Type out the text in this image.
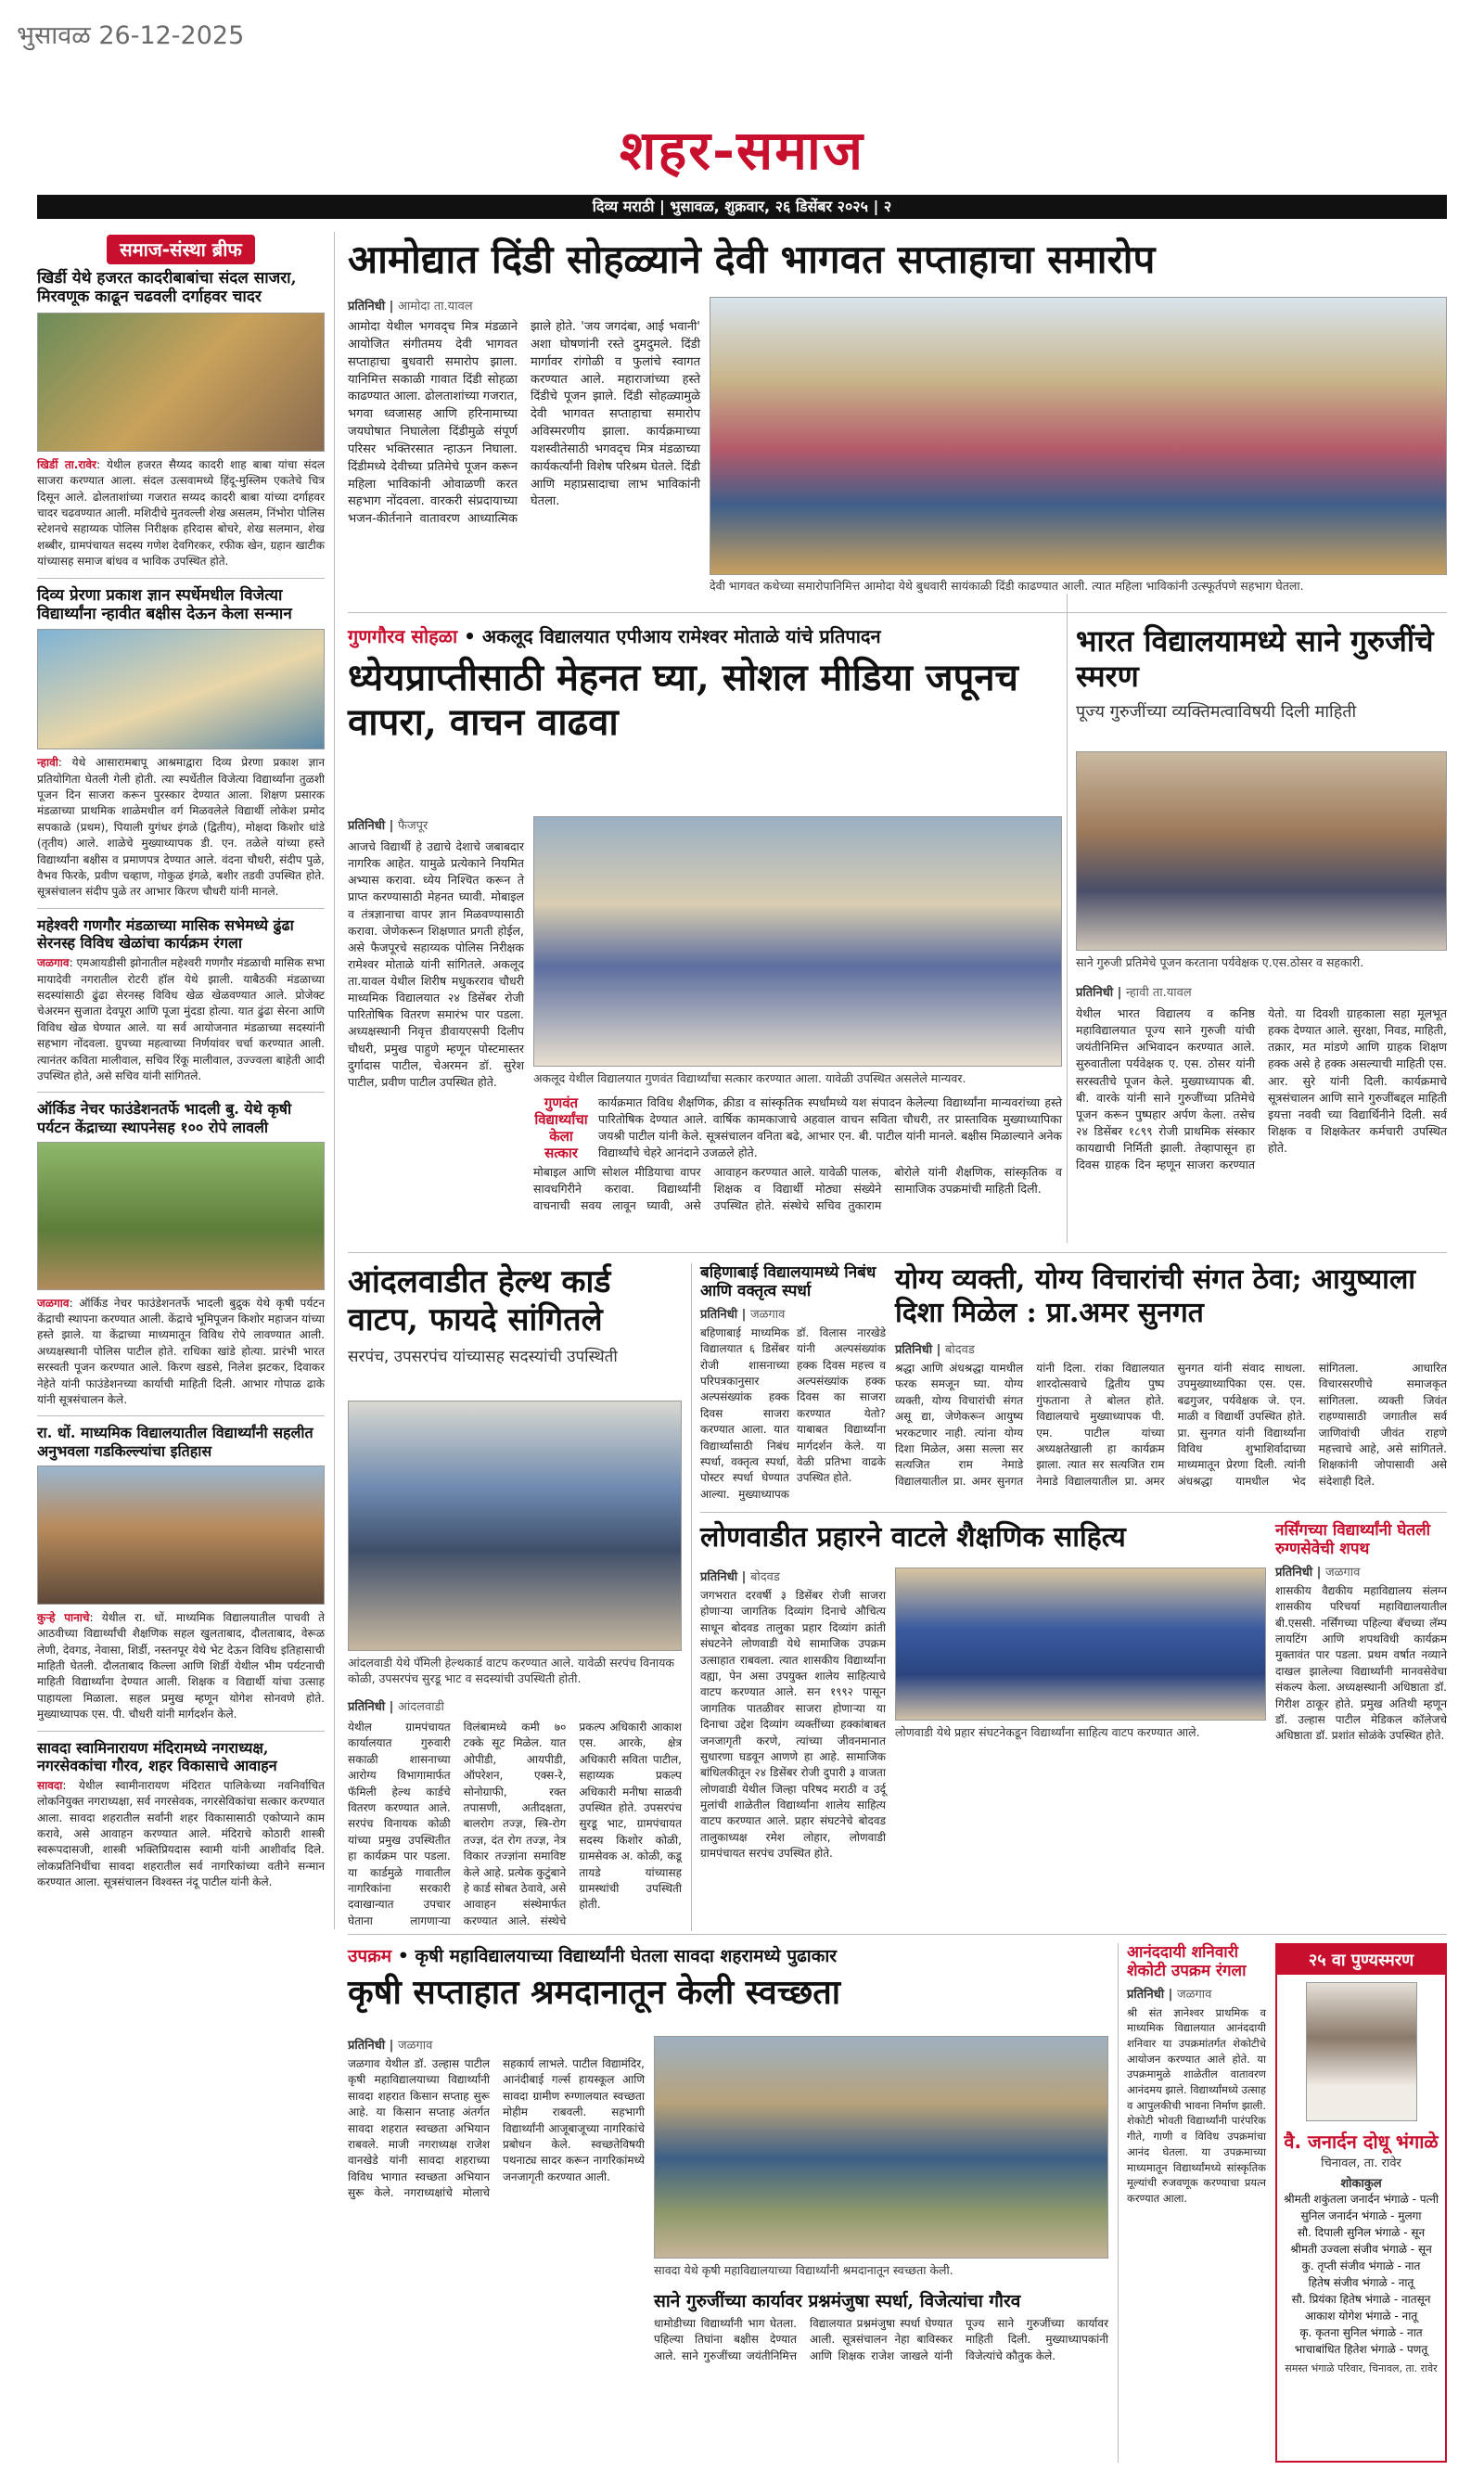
भुसावळ 26-12-2025
शहर-समाज
दिव्य मराठी | भुसावळ, शुक्रवार, २६ डिसेंबर २०२५ | २
समाज-संस्था ब्रीफ
खिर्डी येथे हजरत कादरीबाबांचा संदल साजरा, मिरवणूक काढून चढवली दर्गाहवर चादर
खिर्डी ता.रावेर: येथील हजरत सैय्यद कादरी शाह बाबा यांचा संदल साजरा करण्यात आला. संदल उत्सवामध्ये हिंदू-मुस्लिम एकतेचे चित्र दिसून आले. ढोलताशांच्या गजरात सय्यद कादरी बाबा यांच्या दर्गाहवर चादर चढवण्यात आली. मशिदीचे मुतवल्ली शेख असलम, निंभोरा पोलिस स्टेशनचे सहाय्यक पोलिस निरीक्षक हरिदास बोचरे, शेख सलमान, शेख शब्बीर, ग्रामपंचायत सदस्य गणेश देवगिरकर, रफीक खेन, ग्रहान खाटीक यांच्यासह समाज बांधव व भाविक उपस्थित होते.
दिव्य प्रेरणा प्रकाश ज्ञान स्पर्धेमधील विजेत्या विद्यार्थ्यांना न्हावीत बक्षीस देऊन केला सन्मान
न्हावी: येथे आसारामबापू आश्रमाद्वारा दिव्य प्रेरणा प्रकाश ज्ञान प्रतियोगिता घेतली गेली होती. त्या स्पर्धेतील विजेत्या विद्यार्थ्यांना तुळशी पूजन दिन साजरा करून पुरस्कार देण्यात आला. शिक्षण प्रसारक मंडळाच्या प्राथमिक शाळेमधील वर्ग मिळवलेले विद्यार्थी लोकेश प्रमोद सपकाळे (प्रथम), पियाली युगंधर इंगळे (द्वितीय), मोक्षदा किशोर धांडे (तृतीय) आले. शाळेचे मुख्याध्यापक डी. एन. तळेले यांच्या हस्ते विद्यार्थ्यांना बक्षीस व प्रमाणपत्र देण्यात आले. वंदना चौधरी, संदीप पुळे, वैभव फिरके, प्रवीण चव्हाण, गोकुळ इंगळे, बशीर तडवी उपस्थित होते. सूत्रसंचालन संदीप पुळे तर आभार किरण चौधरी यांनी मानले.
महेश्वरी गणगौर मंडळाच्या मासिक सभेमध्ये ढुंढा सेरनस्ह विविध खेळांचा कार्यक्रम रंगला
जळगाव: एमआयडीसी झोनातील महेश्वरी गणगौर मंडळाची मासिक सभा मायादेवी नगरातील रोटरी हॉल येथे झाली. याबैठकी मंडळाच्या सदस्यांसाठी ढुंढा सेरनस्ह विविध खेळ खेळवण्यात आले. प्रोजेक्ट चेअरमन सुजाता देवपूरा आणि पूजा मुंदडा होत्या. यात ढुंढा सेरना आणि विविध खेळ घेण्यात आले. या सर्व आयोजनात मंडळाच्या सदस्यांनी सहभाग नोंदवला. ग्रुपच्या महत्वाच्या निर्णयांवर चर्चा करण्यात आली. त्यानंतर कविता मालीवाल, सचिव रिंकू मालीवाल, उज्ज्वला बाहेती आदी उपस्थित होते, असे सचिव यांनी सांगितले.
ऑर्किड नेचर फाउंडेशनतर्फे भादली बु. येथे कृषी पर्यटन केंद्राच्या स्थापनेसह १०० रोपे लावली
जळगाव: ऑर्किड नेचर फाउंडेशनतर्फे भादली बुद्रुक येथे कृषी पर्यटन केंद्राची स्थापना करण्यात आली. केंद्राचे भूमिपूजन किशोर महाजन यांच्या हस्ते झाले. या केंद्राच्या माध्यमातून विविध रोपे लावण्यात आली. अध्यक्षस्थानी पोलिस पाटील होते. राधिका खांडे होत्या. प्रारंभी भारत सरस्वती पूजन करण्यात आले. किरण खडसे, निलेश झटकर, दिवाकर नेहेते यांनी फाउंडेशनच्या कार्याची माहिती दिली. आभार गोपाळ ढाके यांनी सूत्रसंचालन केले.
रा. धों. माध्यमिक विद्यालयातील विद्यार्थ्यांनी सहलीत अनुभवला गडकिल्ल्यांचा इतिहास
कुऱ्हे पानाचे: येथील रा. धों. माध्यमिक विद्यालयातील पाचवी ते आठवीच्या विद्यार्थ्यांची शैक्षणिक सहल खुलताबाद, दौलताबाद, वेरूळ लेणी, देवगड, नेवासा, शिर्डी, नस्तनपूर येथे भेट देऊन विविध इतिहासाची माहिती घेतली. दौलताबाद किल्ला आणि शिर्डी येथील भीम पर्यटनाची माहिती विद्यार्थ्यांना देण्यात आली. शिक्षक व विद्यार्थी यांचा उत्साह पाहायला मिळाला. सहल प्रमुख म्हणून योगेश सोनवणे होते. मुख्याध्यापक एस. पी. चौधरी यांनी मार्गदर्शन केले.
सावदा स्वामिनारायण मंदिरामध्ये नगराध्यक्ष, नगरसेवकांचा गौरव, शहर विकासाचे आवाहन
सावदा: येथील स्वामीनारायण मंदिरात पालिकेच्या नवनिर्वाचित लोकनियुक्त नगराध्यक्षा, सर्व नगरसेवक, नगरसेविकांचा सत्कार करण्यात आला. सावदा शहरातील सर्वांनी शहर विकासासाठी एकोप्याने काम करावे, असे आवाहन करण्यात आले. मंदिराचे कोठारी शास्त्री स्वरूपदासजी, शास्त्री भक्तिप्रियदास स्वामी यांनी आशीर्वाद दिले. लोकप्रतिनिधींचा सावदा शहरातील सर्व नागरिकांच्या वतीने सन्मान करण्यात आला. सूत्रसंचालन विश्वस्त नंदू पाटील यांनी केले.
आमोद्यात दिंडी सोहळ्याने देवी भागवत सप्ताहाचा समारोप
प्रतिनिधी | आमोदा ता.यावल
आमोदा येथील भगवद्‌च मित्र मंडळाने आयोजित संगीतमय देवी भागवत सप्ताहाचा बुधवारी समारोप झाला. यानिमित्त सकाळी गावात दिंडी सोहळा काढण्यात आला. ढोलताशांच्या गजरात, भगवा ध्वजासह आणि हरिनामाच्या जयघोषात निघालेला दिंडीमुळे संपूर्ण परिसर भक्तिरसात न्हाऊन निघाला. दिंडीमध्ये देवीच्या प्रतिमेचे पूजन करून महिला भाविकांनी ओवाळणी करत सहभाग नोंदवला. वारकरी संप्रदायाच्या भजन-कीर्तनाने वातावरण आध्यात्मिक झाले होते. 'जय जगदंबा, आई भवानी' अशा घोषणांनी रस्ते दुमदुमले. दिंडी मार्गावर रांगोळी व फुलांचे स्वागत करण्यात आले. महाराजांच्या हस्ते दिंडीचे पूजन झाले. दिंडी सोहळ्यामुळे देवी भागवत सप्ताहाचा समारोप अविस्मरणीय झाला. कार्यक्रमाच्या यशस्वीतेसाठी भगवद्‌च मित्र मंडळाच्या कार्यकर्त्यांनी विशेष परिश्रम घेतले. दिंडी आणि महाप्रसादाचा लाभ भाविकांनी घेतला.
देवी भागवत कथेच्या समारोपानिमित्त आमोदा येथे बुधवारी सायंकाळी दिंडी काढण्यात आली. त्यात महिला भाविकांनी उत्स्फूर्तपणे सहभाग घेतला.
गुणगौरव सोहळा • अकलूद विद्यालयात एपीआय रामेश्वर मोताळे यांचे प्रतिपादन
ध्येयप्राप्तीसाठी मेहनत घ्या, सोशल मीडिया जपूनच वापरा, वाचन वाढवा
प्रतिनिधी | फैजपूर
आजचे विद्यार्थी हे उद्याचे देशाचे जबाबदार नागरिक आहेत. यामुळे प्रत्येकाने नियमित अभ्यास करावा. ध्येय निश्चित करून ते प्राप्त करण्यासाठी मेहनत घ्यावी. मोबाइल व तंत्रज्ञानाचा वापर ज्ञान मिळवण्यासाठी करावा. जेणेकरून शिक्षणात प्रगती होईल, असे फैजपूरचे सहाय्यक पोलिस निरीक्षक रामेश्वर मोताळे यांनी सांगितले. अकलूद ता.यावल येथील शिरीष मधुकरराव चौधरी माध्यमिक विद्यालयात २४ डिसेंबर रोजी पारितोषिक वितरण समारंभ पार पडला. अध्यक्षस्थानी निवृत्त डीवायएसपी दिलीप चौधरी, प्रमुख पाहुणे म्हणून पोस्टमास्तर दुर्गादास पाटील, चेअरमन डॉ. सुरेश पाटील, प्रवीण पाटील उपस्थित होते.	अकलूद येथील विद्यालयात गुणवंत विद्यार्थ्यांचा सत्कार करण्यात आला. यावेळी उपस्थित असलेले मान्यवर.
गुणवंत विद्यार्थ्यांचा केला सत्कार
कार्यक्रमात विविध शैक्षणिक, क्रीडा व सांस्कृतिक स्पर्धांमध्ये यश संपादन केलेल्या विद्यार्थ्यांना मान्यवरांच्या हस्ते पारितोषिक देण्यात आले. वार्षिक कामकाजाचे अहवाल वाचन सविता चौधरी, तर प्रास्ताविक मुख्याध्यापिका जयश्री पाटील यांनी केले. सूत्रसंचालन वनिता बढे, आभार एन. बी. पाटील यांनी मानले. बक्षीस मिळाल्याने अनेक विद्यार्थ्यांचे चेहरे आनंदाने उजळले होते.
मोबाइल आणि सोशल मीडियाचा वापर सावधगिरीने करावा. विद्यार्थ्यांनी वाचनाची सवय लावून घ्यावी, असे आवाहन करण्यात आले. यावेळी पालक, शिक्षक व विद्यार्थी मोठ्या संख्येने उपस्थित होते. संस्थेचे सचिव तुकाराम बोरोले यांनी शैक्षणिक, सांस्कृतिक व सामाजिक उपक्रमांची माहिती दिली.
भारत विद्यालयामध्ये साने गुरुजींचे स्मरण
पूज्य गुरुजींच्या व्यक्तिमत्वाविषयी दिली माहिती
साने गुरुजी प्रतिमेचे पूजन करताना पर्यवेक्षक ए.एस.ठोसर व सहकारी.
प्रतिनिधी | न्हावी ता.यावल
येथील भारत विद्यालय व कनिष्ठ महाविद्यालयात पूज्य साने गुरुजी यांची जयंतीनिमित्त अभिवादन करण्यात आले. सुरुवातीला पर्यवेक्षक ए. एस. ठोसर यांनी सरस्वतीचे पूजन केले. मुख्याध्यापक बी. बी. वारके यांनी साने गुरुजींच्या प्रतिमेचे पूजन करून पुष्पहार अर्पण केला. तसेच २४ डिसेंबर १८९९ रोजी प्राथमिक संस्कार कायद्याची निर्मिती झाली. तेव्हापासून हा दिवस ग्राहक दिन म्हणून साजरा करण्यात येतो. या दिवशी ग्राहकाला सहा मूलभूत हक्क देण्यात आले. सुरक्षा, निवड, माहिती, तक्रार, मत मांडणे आणि ग्राहक शिक्षण हक्क असे हे हक्क असल्याची माहिती एस. आर. सुरे यांनी दिली. कार्यक्रमाचे सूत्रसंचालन आणि साने गुरुजींबद्दल माहिती इयत्ता नववी च्या विद्यार्थिनीने दिली. सर्व शिक्षक व शिक्षकेतर कर्मचारी उपस्थित होते.
आंदलवाडीत हेल्थ कार्ड वाटप, फायदे सांगितले
सरपंच, उपसरपंच यांच्यासह सदस्यांची उपस्थिती
आंदलवाडी येथे पॅमिली हेल्थकार्ड वाटप करण्यात आले. यावेळी सरपंच विनायक कोळी, उपसरपंच सुरडू भाट व सदस्यांची उपस्थिती होती.
प्रतिनिधी | आंदलवाडी
येथील ग्रामपंचायत कार्यालयात गुरुवारी सकाळी शासनाच्या आरोग्य विभागामार्फत फॅमिली हेल्थ कार्डचे वितरण करण्यात आले. सरपंच विनायक कोळी यांच्या प्रमुख उपस्थितीत हा कार्यक्रम पार पडला. या कार्डमुळे गावातील नागरिकांना सरकारी दवाखान्यात उपचार घेताना लागणाऱ्या विलंबामध्ये कमी ७० टक्के सूट मिळेल. यात ओपीडी, आयपीडी, ऑपरेशन, एक्स-रे, सोनोग्राफी, रक्त तपासणी, अतीदक्षता, बालरोग तज्ज्ञ, स्त्रि-रोग तज्ज्ञ, दंत रोग तज्ज्ञ, नेत्र विकार तज्ज्ञांना समाविष्ट केले आहे. प्रत्येक कुटुंबाने हे कार्ड सोबत ठेवावे, असे आवाहन संस्थेमार्फत करण्यात आले. संस्थेचे प्रकल्प अधिकारी आकाश एस. आरके, क्षेत्र अधिकारी सविता पाटील, सहाय्यक प्रकल्प अधिकारी मनीषा साळवी उपस्थित होते. उपसरपंच सुरडू भाट, ग्रामपंचायत सदस्य किशोर कोळी, ग्रामसेवक अ. कोळी, कडू तायडे यांच्यासह ग्रामस्थांची उपस्थिती होती.
बहिणाबाई विद्यालयामध्ये निबंध आणि वक्तृत्व स्पर्धा
प्रतिनिधी | जळगाव
बहिणाबाई माध्यमिक विद्यालयात ६ डिसेंबर रोजी शासनाच्या परिपत्रकानुसार अल्पसंख्यांक हक्क दिवस साजरा करण्यात आला. यात विद्यार्थ्यांसाठी निबंध स्पर्धा, वक्तृत्व स्पर्धा, पोस्टर स्पर्धा घेण्यात आल्या. मुख्याध्यापक डॉ. विलास नारखेडे यांनी अल्पसंख्यांक हक्क दिवस महत्त्व व अल्पसंख्यांक हक्क दिवस का साजरा करण्यात येतो? याबाबत विद्यार्थ्यांना मार्गदर्शन केले. या वेळी प्रतिभा वाढके उपस्थित होते.
योग्य व्यक्ती, योग्य विचारांची संगत ठेवा; आयुष्याला दिशा मिळेल : प्रा.अमर सुनगत
प्रतिनिधी | बोदवड
श्रद्धा आणि अंधश्रद्धा यामधील फरक समजून घ्या. योग्य व्यक्ती, योग्य विचारांची संगत असू द्या, जेणेकरून आयुष्य भरकटणार नाही. त्यांना योग्य दिशा मिळेल, असा सल्ला सर सत्यजित राम नेमाडे विद्यालयातील प्रा. अमर सुनगत यांनी दिला. रांका विद्यालयात शारदोत्सवाचे द्वितीय पुष्प गुंफताना ते बोलत होते. विद्यालयाचे मुख्याध्यापक पी. एम. पाटील यांच्या अध्यक्षतेखाली हा कार्यक्रम झाला. त्यात सर सत्यजित राम नेमाडे विद्यालयातील प्रा. अमर सुनगत यांनी संवाद साधला. उपमुख्याध्यापिका एस. एस. बढगुजर, पर्यवेक्षक जे. एन. माळी व विद्यार्थी उपस्थित होते. प्रा. सुनगत यांनी विद्यार्थ्यांना विविध शुभाशिर्वादाच्या माध्यमातून प्रेरणा दिली. त्यांनी अंधश्रद्धा यामधील भेद सांगितला. आधारित विचारसरणीचे समाजकृत सांगितला. व्यक्ती जिवंत राहण्यासाठी जगातील सर्व जाणिवांची जीवंत राहणे महत्त्वाचे आहे, असे सांगितले. शिक्षकांनी जोपासावी असे संदेशाही दिले.
लोणवाडीत प्रहारने वाटले शैक्षणिक साहित्य
प्रतिनिधी | बोदवड
जगभरात दरवर्षी ३ डिसेंबर रोजी साजरा होणाऱ्या जागतिक दिव्यांग दिनाचे औचित्य साधून बोदवड तालुका प्रहार दिव्यांग क्रांती संघटनेने लोणवाडी येथे सामाजिक उपक्रम उत्साहात राबवला. त्यात शासकीय विद्यार्थ्यांना वह्या, पेन असा उपयुक्त शालेय साहित्याचे वाटप करण्यात आले. सन १९९२ पासून जागतिक पातळीवर साजरा होणाऱ्या या दिनाचा उद्देश दिव्यांग व्यक्तींच्या हक्कांबाबत जनजागृती करणे, त्यांच्या जीवनमानात सुधारणा घडवून आणणे हा आहे. सामाजिक बांधिलकीतून २४ डिसेंबर रोजी दुपारी ३ वाजता लोणवाडी येथील जिल्हा परिषद मराठी व उर्दू मुलांची शाळेतील विद्यार्थ्यांना शालेय साहित्य वाटप करण्यात आले. प्रहार संघटनेचे बोदवड तालुकाध्यक्ष रमेश लोहार, लोणवाडी ग्रामपंचायत सरपंच उपस्थित होते.
लोणवाडी येथे प्रहार संघटनेकडून विद्यार्थ्यांना साहित्य वाटप करण्यात आले.
नर्सिंगच्या विद्यार्थ्यांनी घेतली रुग्णसेवेची शपथ
प्रतिनिधी | जळगाव
शासकीय वैद्यकीय महाविद्यालय संलग्न शासकीय परिचर्या महाविद्यालयातील बी.एससी. नर्सिंगच्या पहिल्या बॅचच्या लॅम्प लायटिंग आणि शपथविधी कार्यक्रम मुक्तावंत पार पडला. प्रथम वर्षात नव्याने दाखल झालेल्या विद्यार्थ्यांनी मानवसेवेचा संकल्प केला. अध्यक्षस्थानी अधिष्ठाता डॉ. गिरीश ठाकूर होते. प्रमुख अतिथी म्हणून डॉ. उल्हास पाटील मेडिकल कॉलेजचे अधिष्ठाता डॉ. प्रशांत सोळंके उपस्थित होते.
उपक्रम • कृषी महाविद्यालयाच्या विद्यार्थ्यांनी घेतला सावदा शहरामध्ये पुढाकार
कृषी सप्ताहात श्रमदानातून केली स्वच्छता
प्रतिनिधी | जळगाव
जळगाव येथील डॉ. उल्हास पाटील कृषी महाविद्यालयाच्या विद्यार्थ्यांनी सावदा शहरात किसान सप्ताह सुरू आहे. या किसान सप्ताह अंतर्गत सावदा शहरात स्वच्छता अभियान राबवले. माजी नगराध्यक्ष राजेश वानखेडे यांनी सावदा शहराच्या विविध भागात स्वच्छता अभियान सुरू केले. नगराध्यक्षांचे मोलाचे सहकार्य लाभले. पाटील विद्यामंदिर, आनंदीबाई गर्ल्स हायस्कूल आणि सावदा ग्रामीण रुग्णालयात स्वच्छता मोहीम राबवली. सहभागी विद्यार्थ्यांनी आजूबाजूच्या नागरिकांचे प्रबोधन केले. स्वच्छतेविषयी पथनाट्य सादर करून नागरिकांमध्ये जनजागृती करण्यात आली.
सावदा येथे कृषी महाविद्यालयाच्या विद्यार्थ्यांनी श्रमदानातून स्वच्छता केली.
साने गुरुजींच्या कार्यावर प्रश्नमंजुषा स्पर्धा, विजेत्यांचा गौरव
धामोडीच्या विद्यार्थ्यांनी भाग घेतला. पहिल्या तिघांना बक्षीस देण्यात आले. साने गुरुजींच्या जयंतीनिमित्त विद्यालयात प्रश्नमंजुषा स्पर्धा घेण्यात आली. सूत्रसंचालन नेहा बाविस्कर आणि शिक्षक राजेश जाखले यांनी पूज्य साने गुरुजींच्या कार्यावर माहिती दिली. मुख्याध्यापकांनी विजेत्यांचे कौतुक केले.
आनंददायी शनिवारी शेकोटी उपक्रम रंगला
प्रतिनिधी | जळगाव
श्री संत ज्ञानेश्वर प्राथमिक व माध्यमिक विद्यालयात आनंददायी शनिवार या उपक्रमांतर्गत शेकोटीचे आयोजन करण्यात आले होते. या उपक्रमामुळे शाळेतील वातावरण आनंदमय झाले. विद्यार्थ्यांमध्ये उत्साह व आपुलकीची भावना निर्माण झाली. शेकोटी भोवती विद्यार्थ्यांनी पारंपरिक गीते, गाणी व विविध उपक्रमांचा आनंद घेतला. या उपक्रमाच्या माध्यमातून विद्यार्थ्यांमध्ये सांस्कृतिक मूल्यांची रुजवणूक करण्याचा प्रयत्न करण्यात आला.
२५ वा पुण्यस्मरण
वै. जनार्दन दोधू भंगाळे
चिनावल, ता. रावेर
शोकाकुल
श्रीमती शकुंतला जनार्दन भंगाळे - पत्नी
सुनिल जनार्दन भंगाळे - मुलगा
सौ. दिपाली सुनिल भंगाळे - सून
श्रीमती उज्वला संजीव भंगाळे - सून
कु. तृप्ती संजीव भंगाळे - नात
हितेष संजीव भंगाळे - नातू
सौ. प्रियंका हितेष भंगाळे - नातसून
आकाश योगेश भंगाळे - नातू
कृ. कृतना सुनिल भंगाळे - नात
भाचाबांधित हितेश भंगाळे - पणतू
समस्त भंगाळे परिवार, चिनावल, ता. रावेर
